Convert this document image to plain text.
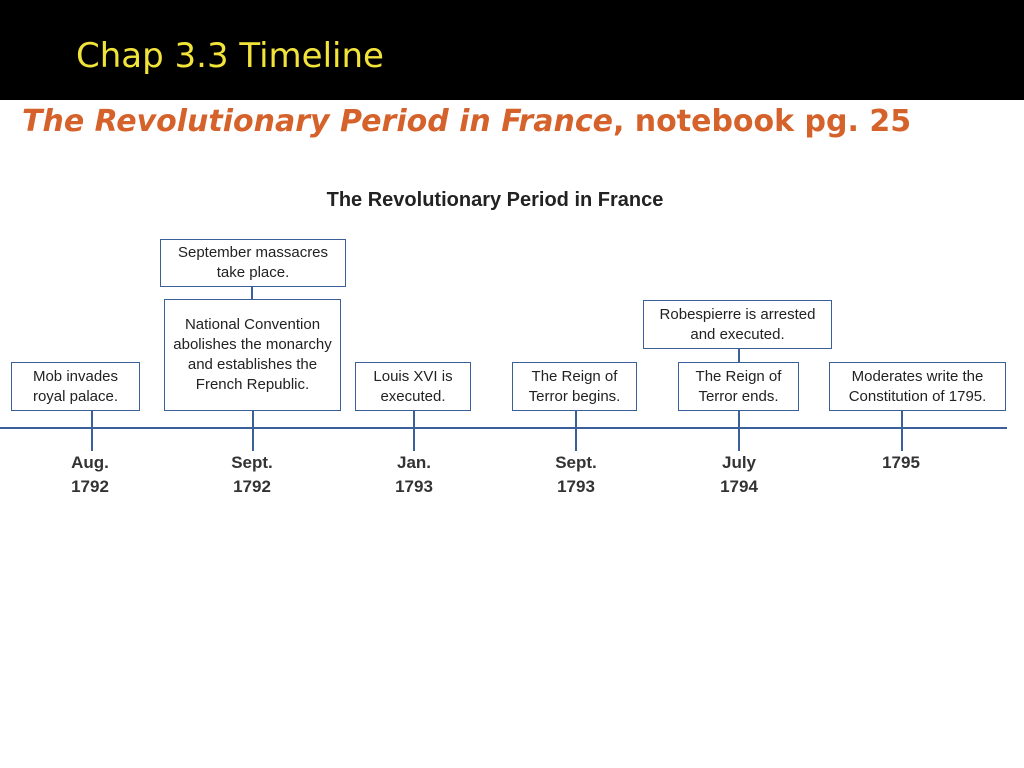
Chap 3.3 Timeline
The Revolutionary Period in France, notebook pg. 25
The Revolutionary Period in France
Mob invades royal palace.
September massacres take place.
National Convention abolishes the monarchy and establishes the French Republic.	Louis XVI is executed.
The Reign of Terror begins.
Robespierre is arrested and executed.
The Reign of Terror ends.
Moderates write the Constitution of 1795.
Aug.
1792
Sept.
1792
Jan.
1793
Sept.
1793
July
1794
1795
